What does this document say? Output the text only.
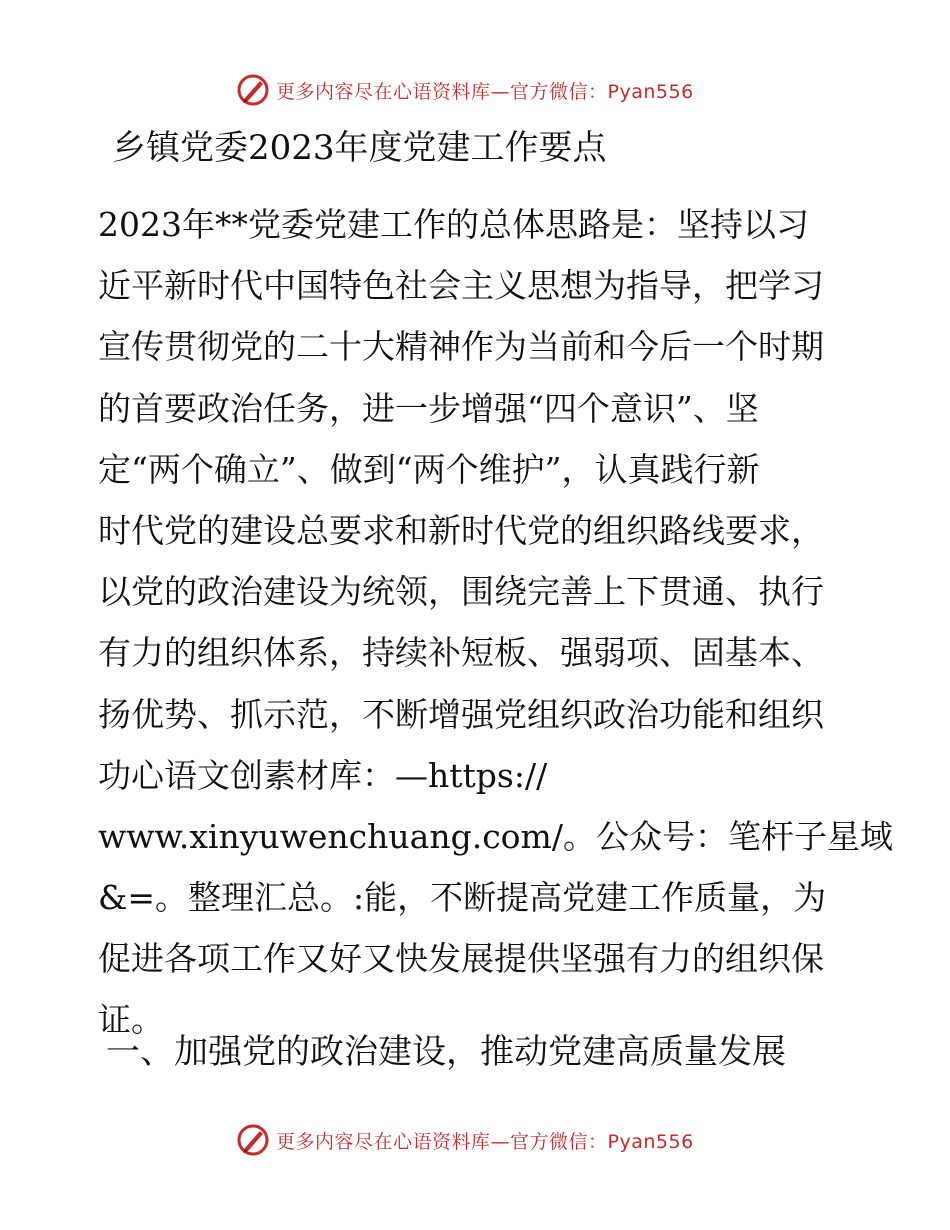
更多内容尽在心语资料库—官方微信：Pyan556
乡镇党委2023年度党建工作要点
2023年**党委党建工作的总体思路是：坚持以习
近平新时代中国特色社会主义思想为指导，把学习
宣传贯彻党的二十大精神作为当前和今后一个时期
的首要政治任务，进一步增强“四个意识”、坚
定“两个确立”、做到“两个维护”，认真践行新
时代党的建设总要求和新时代党的组织路线要求，
以党的政治建设为统领，围绕完善上下贯通、执行
有力的组织体系，持续补短板、强弱项、固基本、
扬优势、抓示范，不断增强党组织政治功能和组织
功心语文创素材库：—https://
www.xinyuwenchuang.com/。公众号：笔杆子星域
&=。整理汇总。:能，不断提高党建工作质量，为
促进各项工作又好又快发展提供坚强有力的组织保
证。
一、加强党的政治建设，推动党建高质量发展
更多内容尽在心语资料库—官方微信：Pyan556
